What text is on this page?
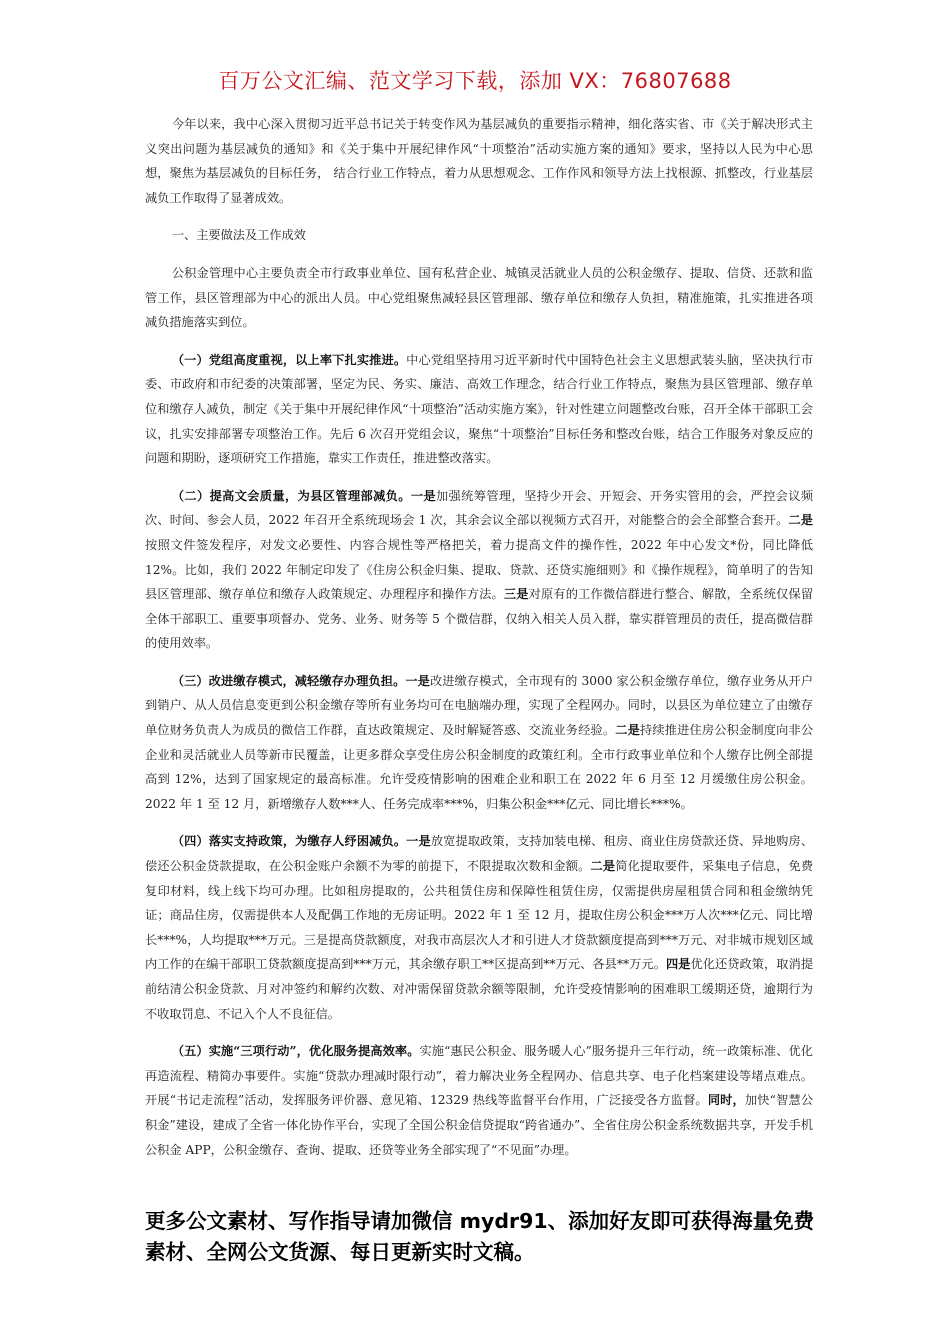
百万公文汇编、范文学习下载，添加 VX：76807688

今年以来，我中心深入贯彻习近平总书记关于转变作风为基层减负的重要指示精神，细化落实省、市《关于解决形式主义突出问题为基层减负的通知》和《关于集中开展纪律作风“十项整治”活动实施方案的通知》要求，坚持以人民为中心思想，聚焦为基层减负的目标任务， 结合行业工作特点，着力从思想观念、工作作风和领导方法上找根源、抓整改，行业基层减负工作取得了显著成效。

一、主要做法及工作成效

公积金管理中心主要负责全市行政事业单位、国有私营企业、城镇灵活就业人员的公积金缴存、提取、信贷、还款和监管工作，县区管理部为中心的派出人员。中心党组聚焦减轻县区管理部、缴存单位和缴存人负担，精准施策，扎实推进各项减负措施落实到位。

（一）党组高度重视，以上率下扎实推进。中心党组坚持用习近平新时代中国特色社会主义思想武装头脑，坚决执行市委、市政府和市纪委的决策部署，坚定为民、务实、廉洁、高效工作理念，结合行业工作特点，聚焦为县区管理部、缴存单位和缴存人减负，制定《关于集中开展纪律作风“十项整治”活动实施方案》，针对性建立问题整改台账，召开全体干部职工会议，扎实安排部署专项整治工作。先后 6 次召开党组会议，聚焦“十项整治”目标任务和整改台账，结合工作服务对象反应的问题和期盼，逐项研究工作措施，靠实工作责任，推进整改落实。

（二）提高文会质量，为县区管理部减负。一是加强统筹管理，坚持少开会、开短会、开务实管用的会，严控会议频次、时间、参会人员，2022 年召开全系统现场会 1 次，其余会议全部以视频方式召开，对能整合的会全部整合套开。二是按照文件签发程序，对发文必要性、内容合规性等严格把关，着力提高文件的操作性，2022 年中心发文*份，同比降低 12%。比如，我们 2022 年制定印发了《住房公积金归集、提取、贷款、还贷实施细则》和《操作规程》，简单明了的告知县区管理部、缴存单位和缴存人政策规定、办理程序和操作方法。三是对原有的工作微信群进行整合、解散，全系统仅保留全体干部职工、重要事项督办、党务、业务、财务等 5 个微信群，仅纳入相关人员入群，靠实群管理员的责任，提高微信群的使用效率。

（三）改进缴存模式，减轻缴存办理负担。一是改进缴存模式，全市现有的 3000 家公积金缴存单位，缴存业务从开户到销户、从人员信息变更到公积金缴存等所有业务均可在电脑端办理，实现了全程网办。同时，以县区为单位建立了由缴存单位财务负责人为成员的微信工作群，直达政策规定、及时解疑答惑、交流业务经验。二是持续推进住房公积金制度向非公企业和灵活就业人员等新市民覆盖，让更多群众享受住房公积金制度的政策红利。全市行政事业单位和个人缴存比例全部提高到 12%，达到了国家规定的最高标准。允许受疫情影响的困难企业和职工在 2022 年 6 月至 12 月缓缴住房公积金。2022 年 1 至 12 月，新增缴存人数***人、任务完成率***%，归集公积金***亿元、同比增长***%。

（四）落实支持政策，为缴存人纾困减负。一是放宽提取政策，支持加装电梯、租房、商业住房贷款还贷、异地购房、偿还公积金贷款提取，在公积金账户余额不为零的前提下，不限提取次数和金额。二是简化提取要件，采集电子信息，免费复印材料，线上线下均可办理。比如租房提取的，公共租赁住房和保障性租赁住房，仅需提供房屋租赁合同和租金缴纳凭证；商品住房，仅需提供本人及配偶工作地的无房证明。2022 年 1 至 12 月，提取住房公积金***万人次***亿元、同比增长***%，人均提取***万元。三是提高贷款额度，对我市高层次人才和引进人才贷款额度提高到***万元、对非城市规划区域内工作的在编干部职工贷款额度提高到***万元，其余缴存职工**区提高到**万元、各县**万元。四是优化还贷政策，取消提前结清公积金贷款、月对冲签约和解约次数、对冲需保留贷款余额等限制，允许受疫情影响的困难职工缓期还贷，逾期行为不收取罚息、不记入个人不良征信。

（五）实施“三项行动”，优化服务提高效率。实施“惠民公积金、服务暖人心”服务提升三年行动，统一政策标准、优化再造流程、精简办事要件。实施“贷款办理减时限行动”，着力解决业务全程网办、信息共享、电子化档案建设等堵点难点。开展“书记走流程”活动，发挥服务评价器、意见箱、12329 热线等监督平台作用，广泛接受各方监督。同时，加快“智慧公积金”建设，建成了全省一体化协作平台，实现了全国公积金信贷提取“跨省通办”、全省住房公积金系统数据共享，开发手机公积金 APP，公积金缴存、查询、提取、还贷等业务全部实现了“不见面”办理。

更多公文素材、写作指导请加微信 mydr91、添加好友即可获得海量免费素材、全网公文货源、每日更新实时文稿。
